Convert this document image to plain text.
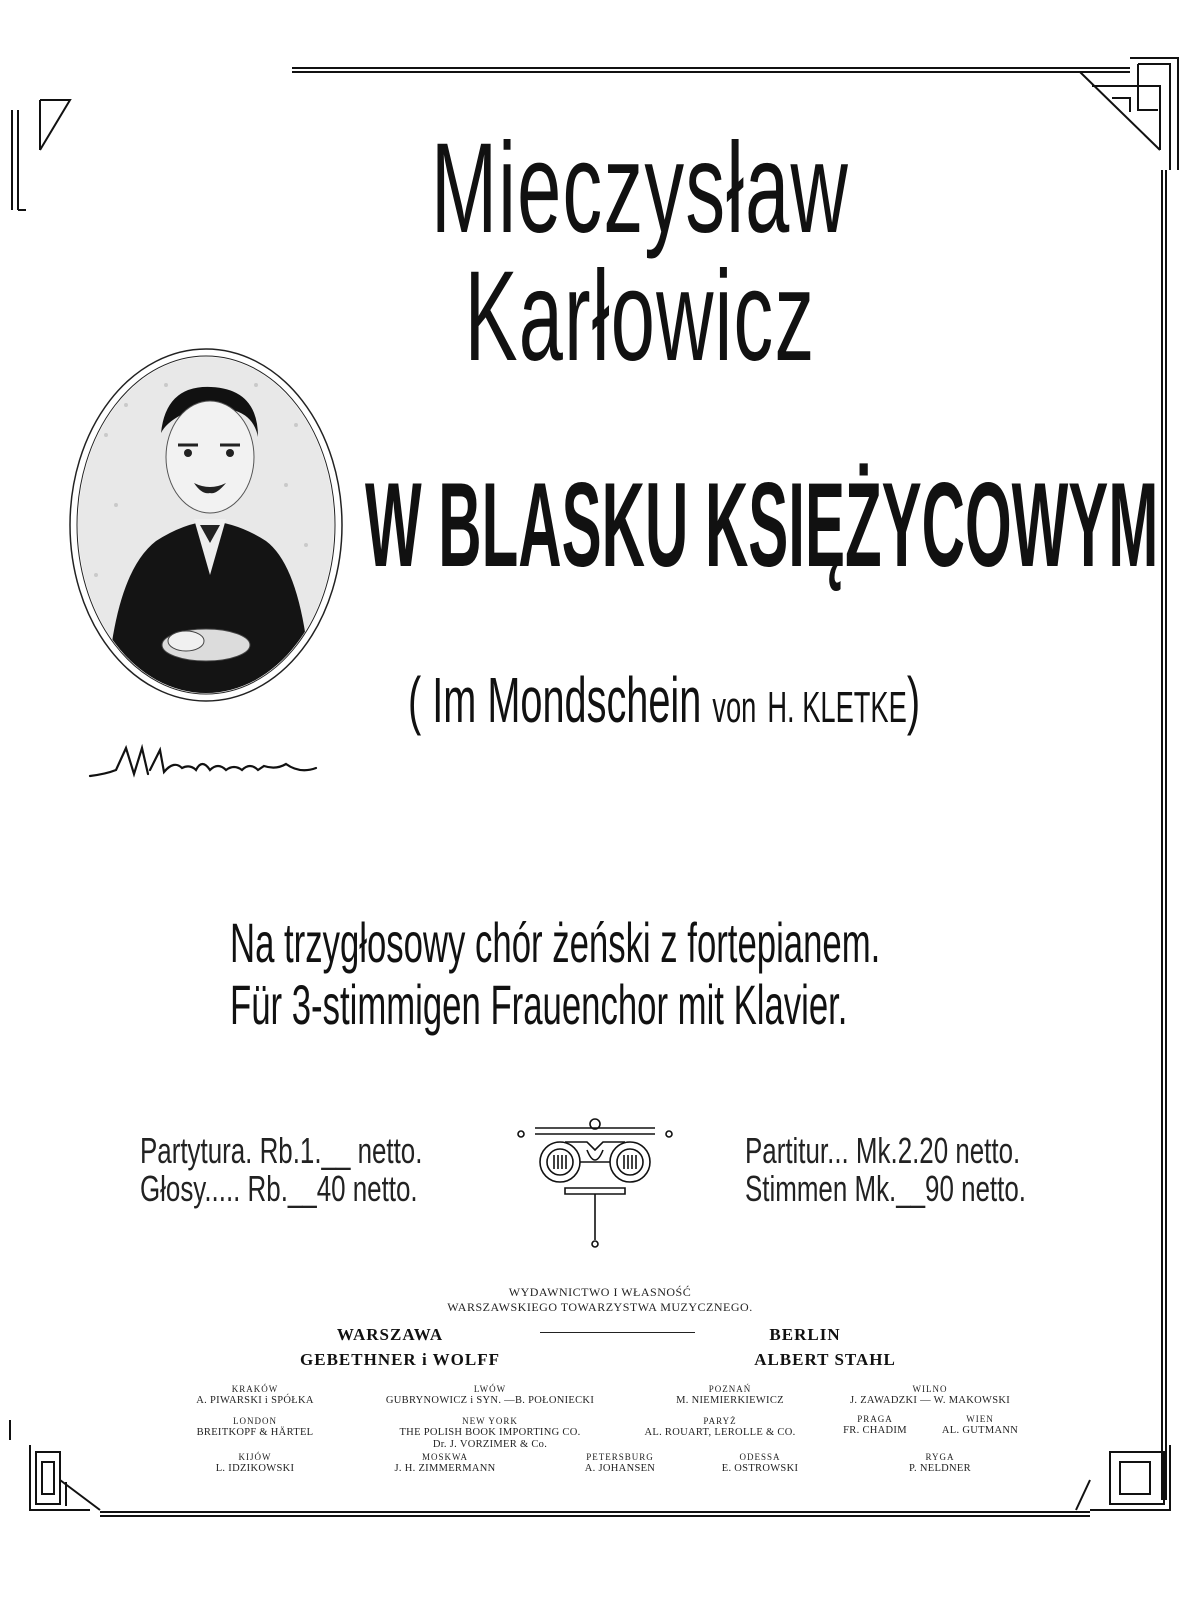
Mieczysław Karłowicz
W BLASKU KSIĘŻYCOWYM
( Im Mondschein von H. KLETKE)
Na trzygłosowy chór żeński z fortepianem.
Für 3-stimmigen Frauenchor mit Klavier.
Partytura. Rb.1.__ netto.
Głosy..... Rb.__40 netto.
Partitur... Mk.2.20 netto.
Stimmen Mk.__90 netto.
WYDAWNICTWO I WŁASNOŚĆ
WARSZAWSKIEGO TOWARZYSTWA MUZYCZNEGO.
WARSZAWA
GEBETHNER i WOLFF
BERLIN
ALBERT STAHL
KRAKÓW
A. PIWARSKI i SPÓŁKA
LWÓW
GUBRYNOWICZ i SYN. —B. POŁONIECKI
POZNAŃ
M. NIEMIERKIEWICZ
WILNO
J. ZAWADZKI — W. MAKOWSKI
LONDON
BREITKOPF & HÄRTEL
NEW YORK
THE POLISH BOOK IMPORTING CO.
Dr. J. VORZIMER & Co.
PARYŻ
AL. ROUART, LEROLLE & CO.
PRAGA
FR. CHADIM
WIEN
AL. GUTMANN
KIJÓW
L. IDZIKOWSKI
MOSKWA
J. H. ZIMMERMANN
PETERSBURG
A. JOHANSEN
ODESSA
E. OSTROWSKI
RYGA
P. NELDNER
